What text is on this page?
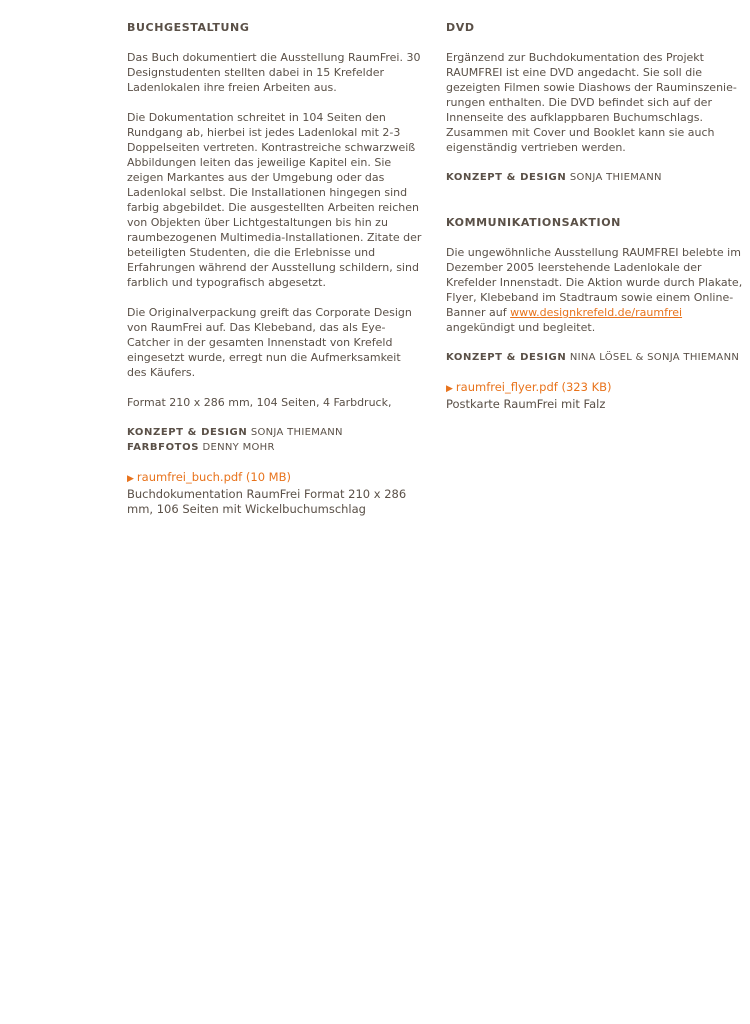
BUCHGESTALTUNG

Das Buch dokumentiert die Ausstellung RaumFrei. 30 Designstudenten stellten dabei in 15 Krefelder Ladenlokalen ihre freien Arbeiten aus.

Die Dokumentation schreitet in 104 Seiten den Rundgang ab, hierbei ist jedes Ladenlokal mit 2-3 Doppelseiten vertreten. Kontrastreiche schwarzweiß Abbildungen leiten das jeweilige Kapitel ein. Sie zeigen Markantes aus der Umgebung oder das Ladenlokal selbst. Die Installationen hingegen sind farbig abgebildet. Die ausgestellten Arbeiten reichen von Objekten über Lichtgestaltungen bis hin zu raumbezogenen Multimedia-Installationen. Zitate der beteiligten Studenten, die die Erlebnisse und Erfahrungen während der Ausstellung schildern, sind farblich und typografisch abgesetzt.

Die Originalverpackung greift das Corporate Design von RaumFrei auf. Das Klebeband, das als Eye-Catcher in der gesamten Innenstadt von Krefeld eingesetzt wurde, erregt nun die Aufmerksamkeit des Käufers.

Format 210 x 286 mm, 104 Seiten, 4 Farbdruck,

KONZEPT & DESIGN SONJA THIEMANN
FARBFOTOS DENNY MOHR
▶ raumfrei_buch.pdf (10 MB)
Buchdokumentation RaumFrei Format 210 x 286 mm, 106 Seiten mit Wickelbuchumschlag
DVD

Ergänzend zur Buchdokumentation des Projekt RAUMFREI ist eine DVD angedacht. Sie soll die gezeigten Filmen sowie Diashows der Rauminszenie-rungen enthalten. Die DVD befindet sich auf der Innenseite des aufklappbaren Buchumschlags. Zusammen mit Cover und Booklet kann sie auch eigenständig vertrieben werden.

KONZEPT & DESIGN SONJA THIEMANN
KOMMUNIKATIONSAKTION

Die ungewöhnliche Ausstellung RAUMFREI belebte im Dezember 2005 leerstehende Ladenlokale der Krefelder Innenstadt. Die Aktion wurde durch Plakate, Flyer, Klebeband im Stadtraum sowie einem Online-Banner auf www.designkrefeld.de/raumfrei angekündigt und begleitet.

KONZEPT & DESIGN NINA LÖSEL & SONJA THIEMANN
▶ raumfrei_flyer.pdf (323 KB)
Postkarte RaumFrei mit Falz
